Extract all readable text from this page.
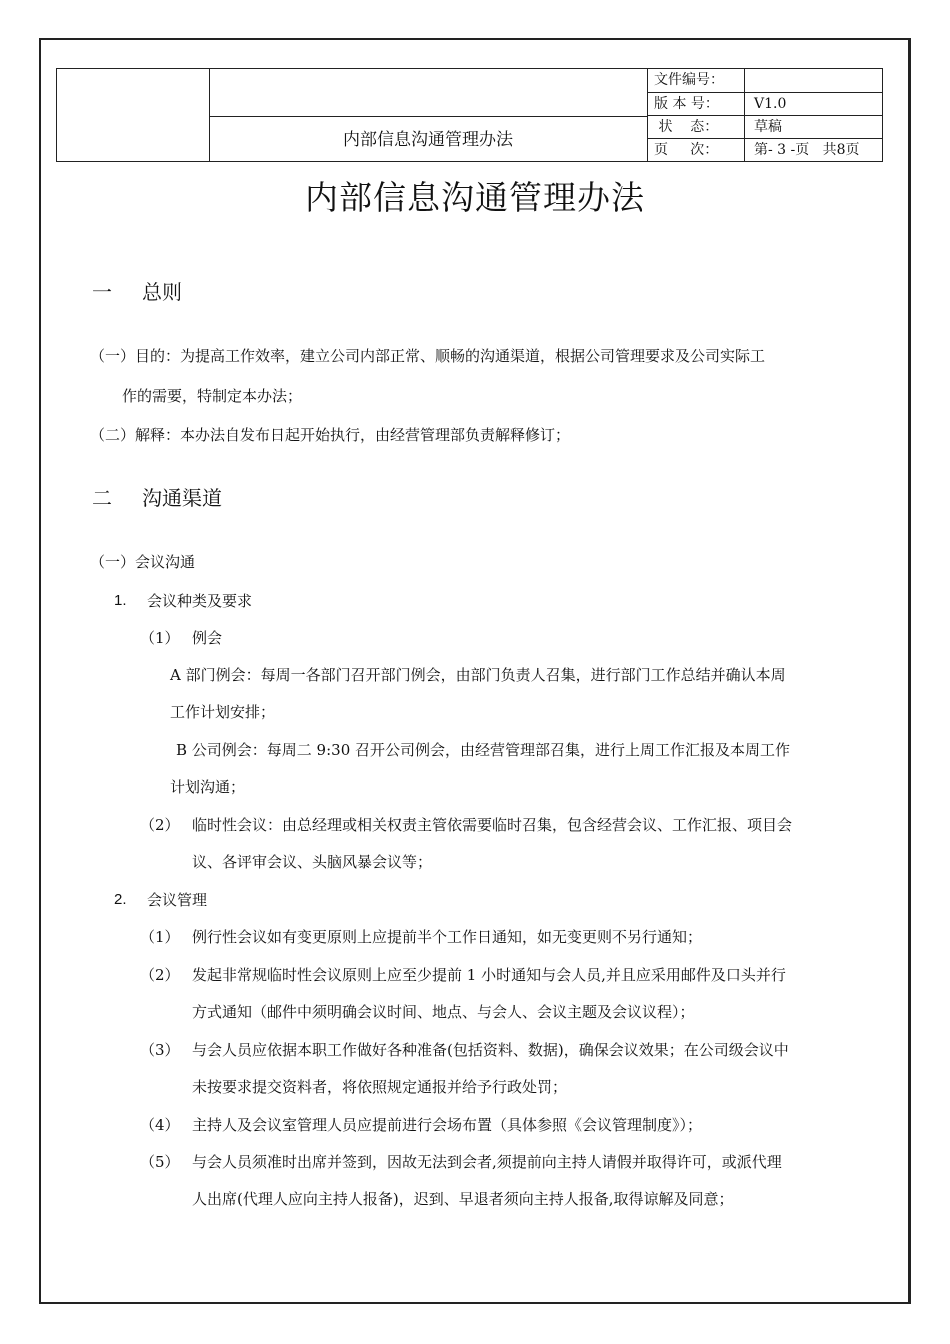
内部信息沟通管理办法
文件编号：
版 本 号：	V1.0
状    态：	草稿
页     次：	第- 3 -页   共8页
内部信息沟通管理办法
一 总则
（一）目的：为提高工作效率，建立公司内部正常、顺畅的沟通渠道，根据公司管理要求及公司实际工
作的需要，特制定本办法；
（二）解释：本办法自发布日起开始执行，由经营管理部负责解释修订；
二 沟通渠道
（一）会议沟通
1. 会议种类及要求
（1） 例会
A 部门例会：每周一各部门召开部门例会，由部门负责人召集，进行部门工作总结并确认本周
工作计划安排；
B 公司例会：每周二 9:30 召开公司例会，由经营管理部召集，进行上周工作汇报及本周工作
计划沟通；
（2） 临时性会议：由总经理或相关权责主管依需要临时召集，包含经营会议、工作汇报、项目会
议、各评审会议、头脑风暴会议等；
2. 会议管理
（1） 例行性会议如有变更原则上应提前半个工作日通知，如无变更则不另行通知；
（2） 发起非常规临时性会议原则上应至少提前 1 小时通知与会人员,并且应采用邮件及口头并行
方式通知（邮件中须明确会议时间、地点、与会人、会议主题及会议议程）；
（3） 与会人员应依据本职工作做好各种准备(包括资料、数据)，确保会议效果；在公司级会议中
未按要求提交资料者，将依照规定通报并给予行政处罚；
（4） 主持人及会议室管理人员应提前进行会场布置（具体参照《会议管理制度》）；
（5） 与会人员须准时出席并签到，因故无法到会者,须提前向主持人请假并取得许可，或派代理
人出席(代理人应向主持人报备)，迟到、早退者须向主持人报备,取得谅解及同意；
